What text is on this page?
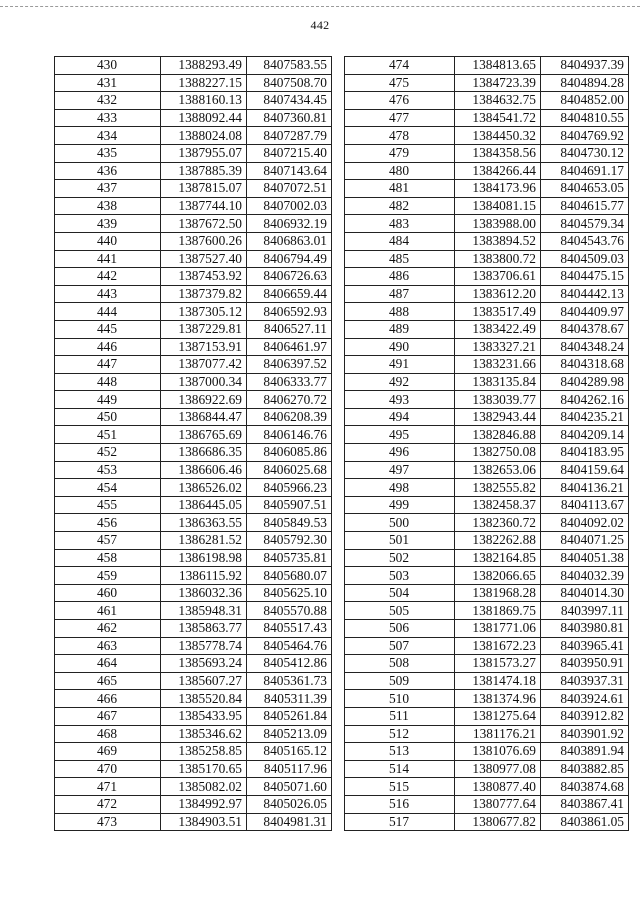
442
430	1388293.49	8407583.55
431	1388227.15	8407508.70
432	1388160.13	8407434.45
433	1388092.44	8407360.81
434	1388024.08	8407287.79
435	1387955.07	8407215.40
436	1387885.39	8407143.64
437	1387815.07	8407072.51
438	1387744.10	8407002.03
439	1387672.50	8406932.19
440	1387600.26	8406863.01
441	1387527.40	8406794.49
442	1387453.92	8406726.63
443	1387379.82	8406659.44
444	1387305.12	8406592.93
445	1387229.81	8406527.11
446	1387153.91	8406461.97
447	1387077.42	8406397.52
448	1387000.34	8406333.77
449	1386922.69	8406270.72
450	1386844.47	8406208.39
451	1386765.69	8406146.76
452	1386686.35	8406085.86
453	1386606.46	8406025.68
454	1386526.02	8405966.23
455	1386445.05	8405907.51
456	1386363.55	8405849.53
457	1386281.52	8405792.30
458	1386198.98	8405735.81
459	1386115.92	8405680.07
460	1386032.36	8405625.10
461	1385948.31	8405570.88
462	1385863.77	8405517.43
463	1385778.74	8405464.76
464	1385693.24	8405412.86
465	1385607.27	8405361.73
466	1385520.84	8405311.39
467	1385433.95	8405261.84
468	1385346.62	8405213.09
469	1385258.85	8405165.12
470	1385170.65	8405117.96
471	1385082.02	8405071.60
472	1384992.97	8405026.05
473	1384903.51	8404981.31
474	1384813.65	8404937.39
475	1384723.39	8404894.28
476	1384632.75	8404852.00
477	1384541.72	8404810.55
478	1384450.32	8404769.92
479	1384358.56	8404730.12
480	1384266.44	8404691.17
481	1384173.96	8404653.05
482	1384081.15	8404615.77
483	1383988.00	8404579.34
484	1383894.52	8404543.76
485	1383800.72	8404509.03
486	1383706.61	8404475.15
487	1383612.20	8404442.13
488	1383517.49	8404409.97
489	1383422.49	8404378.67
490	1383327.21	8404348.24
491	1383231.66	8404318.68
492	1383135.84	8404289.98
493	1383039.77	8404262.16
494	1382943.44	8404235.21
495	1382846.88	8404209.14
496	1382750.08	8404183.95
497	1382653.06	8404159.64
498	1382555.82	8404136.21
499	1382458.37	8404113.67
500	1382360.72	8404092.02
501	1382262.88	8404071.25
502	1382164.85	8404051.38
503	1382066.65	8404032.39
504	1381968.28	8404014.30
505	1381869.75	8403997.11
506	1381771.06	8403980.81
507	1381672.23	8403965.41
508	1381573.27	8403950.91
509	1381474.18	8403937.31
510	1381374.96	8403924.61
511	1381275.64	8403912.82
512	1381176.21	8403901.92
513	1381076.69	8403891.94
514	1380977.08	8403882.85
515	1380877.40	8403874.68
516	1380777.64	8403867.41
517	1380677.82	8403861.05
